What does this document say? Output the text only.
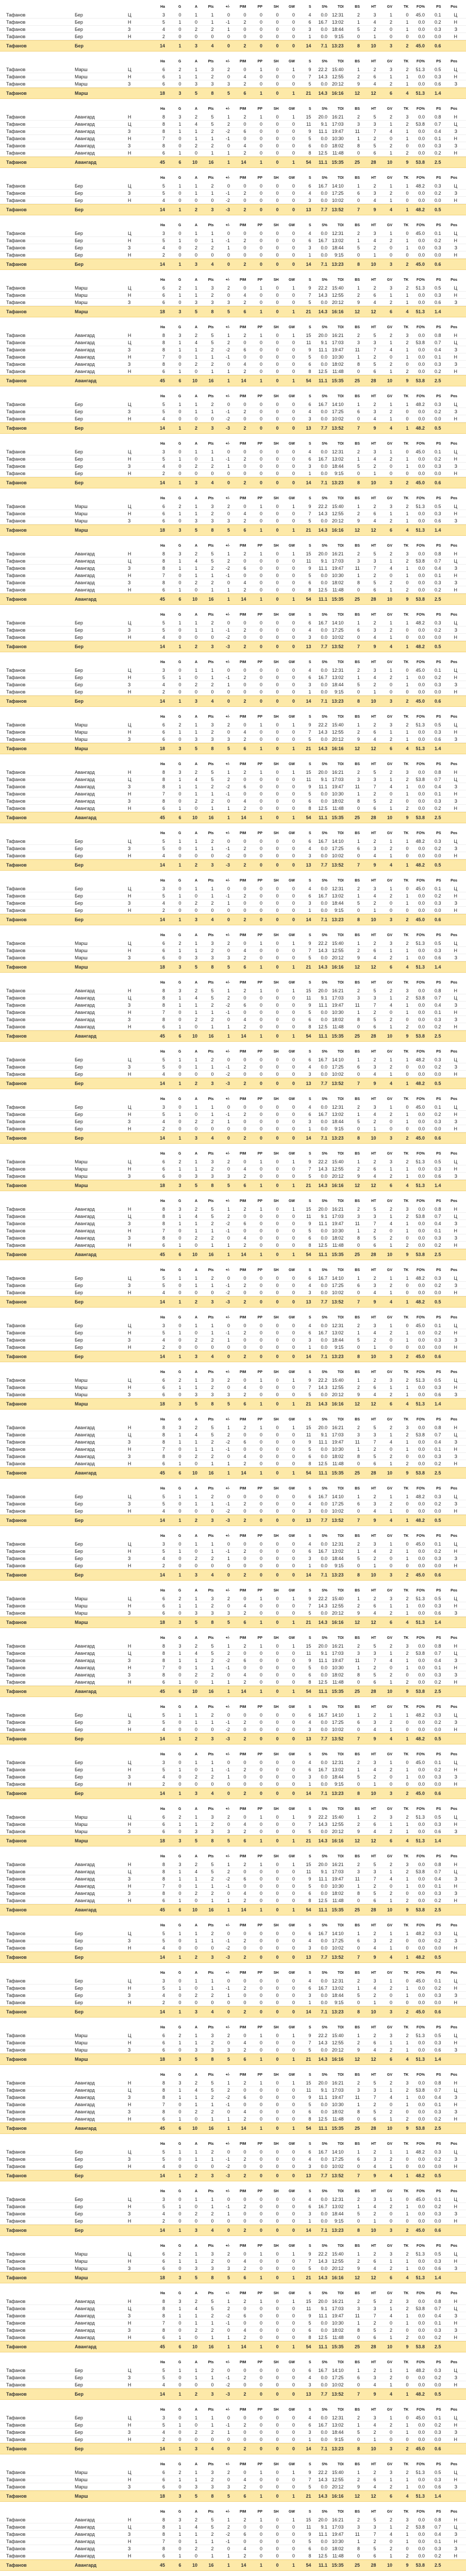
Ha	G	A	Pts	+/-	PIM	PP	SH	GW	S	S%	TOI	BS	HT	GV	TK	FO%	PS	Pos
Тафанов	Бер	Ц	3	0	1	1	0	0	0	0	0	4	0.0 12:31	2	3	1	0	45.0	0.1	Ц
Тафанов	Бер	Н	5	1	0	1	-1	2	0	0	0	6	16.7 13:02	1	4	2	1	0.0	0.2	Н
Тафанов	Бер	З	4	0	2	2	1	0	0	0	0	3	0.0 18:44	5	2	0	1	0.0	0.3	З
Тафанов	Бер	Н	2	0	0	0	0	0	0	0	0	1	0.0	9:15	0	1	0	0	0.0	0.0	Н
Тафанов	Бер	14	1	3	4	0	2	0	0	0	14	7.1 13:23	8	10	3	2	45.0	0.6
Ha	G	A	Pts	+/-	PIM	PP	SH	GW	S	S%	TOI	BS	HT	GV	TK	FO%	PS	Pos
Тафанов	Марш	Ц	6	2	1	3	2	0	1	0	1	9	22.2 15:40	1	2	3	2	51.3	0.5	Ц
Тафанов	Марш	Н	6	1	1	2	0	4	0	0	0	7	14.3 12:55	2	6	1	1	0.0	0.3	Н
Тафанов	Марш	З	6	0	3	3	3	2	0	0	0	5	0.0 20:12	9	4	2	1	0.0	0.6	З
Тафанов	Марш	18	3	5	8	5	6	1	0	1	21	14.3 16:16	12	12	6	4	51.3	1.4
Ha	G	A	Pts	+/-	PIM	PP	SH	GW	S	S%	TOI	BS	HT	GV	TK	FO%	PS	Pos
Тафанов	Авангард	Н	8	3	2	5	1	2	1	0	1	15	20.0 16:21	2	5	2	3	0.0	0.8	Н
Тафанов	Авангард	Ц	8	1	4	5	2	0	0	0	0	11	9.1 17:03	3	3	1	2	53.8	0.7	Ц
Тафанов	Авангард	З	8	1	1	2	-2	6	0	0	0	9	11.1 19:47	11	7	4	1	0.0	0.4	З
Тафанов	Авангард	Н	7	0	1	1	-1	0	0	0	0	5	0.0 10:30	1	2	0	1	0.0	0.1	Н
Тафанов	Авангард	З	8	0	2	2	0	4	0	0	0	6	0.0 18:02	8	5	2	0	0.0	0.3	З
Тафанов	Авангард	Н	6	1	0	1	1	2	0	0	0	8	12.5	11:48	0	6	1	2	0.0	0.2	Н
Тафанов	Авангард	45	6	10	16	1	14	1	0	1	54	11.1 15:35	25	28	10	9	53.8	2.5
Ha	G	A	Pts	+/-	PIM	PP	SH	GW	S	S%	TOI	BS	HT	GV	TK	FO%	PS	Pos
Тафанов	Бер	Ц	5	1	1	2	0	0	0	0	0	6	16.7 14:10	1	2	1	1	48.2	0.3	Ц
Тафанов	Бер	З	5	0	1	1	-1	2	0	0	0	4	0.0 17:25	6	3	2	0	0.0	0.2	З
Тафанов	Бер	Н	4	0	0	0	-2	0	0	0	0	3	0.0 10:02	0	4	1	0	0.0	0.0	Н
Тафанов	Бер	14	1	2	3	-3	2	0	0	0	13	7.7 13:52	7	9	4	1	48.2	0.5
Ha	G	A	Pts	+/-	PIM	PP	SH	GW	S	S%	TOI	BS	HT	GV	TK	FO%	PS	Pos
Тафанов	Бер	Ц	3	0	1	1	0	0	0	0	0	4	0.0 12:31	2	3	1	0	45.0	0.1	Ц
Тафанов	Бер	Н	5	1	0	1	-1	2	0	0	0	6	16.7 13:02	1	4	2	1	0.0	0.2	Н
Тафанов	Бер	З	4	0	2	2	1	0	0	0	0	3	0.0 18:44	5	2	0	1	0.0	0.3	З
Тафанов	Бер	Н	2	0	0	0	0	0	0	0	0	1	0.0	9:15	0	1	0	0	0.0	0.0	Н
Тафанов	Бер	14	1	3	4	0	2	0	0	0	14	7.1 13:23	8	10	3	2	45.0	0.6
Ha	G	A	Pts	+/-	PIM	PP	SH	GW	S	S%	TOI	BS	HT	GV	TK	FO%	PS	Pos
Тафанов	Марш	Ц	6	2	1	3	2	0	1	0	1	9	22.2 15:40	1	2	3	2	51.3	0.5	Ц
Тафанов	Марш	Н	6	1	1	2	0	4	0	0	0	7	14.3 12:55	2	6	1	1	0.0	0.3	Н
Тафанов	Марш	З	6	0	3	3	3	2	0	0	0	5	0.0 20:12	9	4	2	1	0.0	0.6	З
Тафанов	Марш	18	3	5	8	5	6	1	0	1	21	14.3 16:16	12	12	6	4	51.3	1.4
Ha	G	A	Pts	+/-	PIM	PP	SH	GW	S	S%	TOI	BS	HT	GV	TK	FO%	PS	Pos
Тафанов	Авангард	Н	8	3	2	5	1	2	1	0	1	15	20.0 16:21	2	5	2	3	0.0	0.8	Н
Тафанов	Авангард	Ц	8	1	4	5	2	0	0	0	0	11	9.1 17:03	3	3	1	2	53.8	0.7	Ц
Тафанов	Авангард	З	8	1	1	2	-2	6	0	0	0	9	11.1 19:47	11	7	4	1	0.0	0.4	З
Тафанов	Авангард	Н	7	0	1	1	-1	0	0	0	0	5	0.0 10:30	1	2	0	1	0.0	0.1	Н
Тафанов	Авангард	З	8	0	2	2	0	4	0	0	0	6	0.0 18:02	8	5	2	0	0.0	0.3	З
Тафанов	Авангард	Н	6	1	0	1	1	2	0	0	0	8	12.5	11:48	0	6	1	2	0.0	0.2	Н
Тафанов	Авангард	45	6	10	16	1	14	1	0	1	54	11.1 15:35	25	28	10	9	53.8	2.5
Ha	G	A	Pts	+/-	PIM	PP	SH	GW	S	S%	TOI	BS	HT	GV	TK	FO%	PS	Pos
Тафанов	Бер	Ц	5	1	1	2	0	0	0	0	0	6	16.7 14:10	1	2	1	1	48.2	0.3	Ц
Тафанов	Бер	З	5	0	1	1	-1	2	0	0	0	4	0.0 17:25	6	3	2	0	0.0	0.2	З
Тафанов	Бер	Н	4	0	0	0	-2	0	0	0	0	3	0.0 10:02	0	4	1	0	0.0	0.0	Н
Тафанов	Бер	14	1	2	3	-3	2	0	0	0	13	7.7 13:52	7	9	4	1	48.2	0.5
Ha	G	A	Pts	+/-	PIM	PP	SH	GW	S	S%	TOI	BS	HT	GV	TK	FO%	PS	Pos
Тафанов	Бер	Ц	3	0	1	1	0	0	0	0	0	4	0.0 12:31	2	3	1	0	45.0	0.1	Ц
Тафанов	Бер	Н	5	1	0	1	-1	2	0	0	0	6	16.7 13:02	1	4	2	1	0.0	0.2	Н
Тафанов	Бер	З	4	0	2	2	1	0	0	0	0	3	0.0 18:44	5	2	0	1	0.0	0.3	З
Тафанов	Бер	Н	2	0	0	0	0	0	0	0	0	1	0.0	9:15	0	1	0	0	0.0	0.0	Н
Тафанов	Бер	14	1	3	4	0	2	0	0	0	14	7.1 13:23	8	10	3	2	45.0	0.6
Ha	G	A	Pts	+/-	PIM	PP	SH	GW	S	S%	TOI	BS	HT	GV	TK	FO%	PS	Pos
Тафанов	Марш	Ц	6	2	1	3	2	0	1	0	1	9	22.2 15:40	1	2	3	2	51.3	0.5	Ц
Тафанов	Марш	Н	6	1	1	2	0	4	0	0	0	7	14.3 12:55	2	6	1	1	0.0	0.3	Н
Тафанов	Марш	З	6	0	3	3	3	2	0	0	0	5	0.0 20:12	9	4	2	1	0.0	0.6	З
Тафанов	Марш	18	3	5	8	5	6	1	0	1	21	14.3 16:16	12	12	6	4	51.3	1.4
Ha	G	A	Pts	+/-	PIM	PP	SH	GW	S	S%	TOI	BS	HT	GV	TK	FO%	PS	Pos
Тафанов	Авангард	Н	8	3	2	5	1	2	1	0	1	15	20.0 16:21	2	5	2	3	0.0	0.8	Н
Тафанов	Авангард	Ц	8	1	4	5	2	0	0	0	0	11	9.1 17:03	3	3	1	2	53.8	0.7	Ц
Тафанов	Авангард	З	8	1	1	2	-2	6	0	0	0	9	11.1 19:47	11	7	4	1	0.0	0.4	З
Тафанов	Авангард	Н	7	0	1	1	-1	0	0	0	0	5	0.0 10:30	1	2	0	1	0.0	0.1	Н
Тафанов	Авангард	З	8	0	2	2	0	4	0	0	0	6	0.0 18:02	8	5	2	0	0.0	0.3	З
Тафанов	Авангард	Н	6	1	0	1	1	2	0	0	0	8	12.5	11:48	0	6	1	2	0.0	0.2	Н
Тафанов	Авангард	45	6	10	16	1	14	1	0	1	54	11.1 15:35	25	28	10	9	53.8	2.5
Ha	G	A	Pts	+/-	PIM	PP	SH	GW	S	S%	TOI	BS	HT	GV	TK	FO%	PS	Pos
Тафанов	Бер	Ц	5	1	1	2	0	0	0	0	0	6	16.7 14:10	1	2	1	1	48.2	0.3	Ц
Тафанов	Бер	З	5	0	1	1	-1	2	0	0	0	4	0.0 17:25	6	3	2	0	0.0	0.2	З
Тафанов	Бер	Н	4	0	0	0	-2	0	0	0	0	3	0.0 10:02	0	4	1	0	0.0	0.0	Н
Тафанов	Бер	14	1	2	3	-3	2	0	0	0	13	7.7 13:52	7	9	4	1	48.2	0.5
Ha	G	A	Pts	+/-	PIM	PP	SH	GW	S	S%	TOI	BS	HT	GV	TK	FO%	PS	Pos
Тафанов	Бер	Ц	3	0	1	1	0	0	0	0	0	4	0.0 12:31	2	3	1	0	45.0	0.1	Ц
Тафанов	Бер	Н	5	1	0	1	-1	2	0	0	0	6	16.7 13:02	1	4	2	1	0.0	0.2	Н
Тафанов	Бер	З	4	0	2	2	1	0	0	0	0	3	0.0 18:44	5	2	0	1	0.0	0.3	З
Тафанов	Бер	Н	2	0	0	0	0	0	0	0	0	1	0.0	9:15	0	1	0	0	0.0	0.0	Н
Тафанов	Бер	14	1	3	4	0	2	0	0	0	14	7.1 13:23	8	10	3	2	45.0	0.6
Ha	G	A	Pts	+/-	PIM	PP	SH	GW	S	S%	TOI	BS	HT	GV	TK	FO%	PS	Pos
Тафанов	Марш	Ц	6	2	1	3	2	0	1	0	1	9	22.2 15:40	1	2	3	2	51.3	0.5	Ц
Тафанов	Марш	Н	6	1	1	2	0	4	0	0	0	7	14.3 12:55	2	6	1	1	0.0	0.3	Н
Тафанов	Марш	З	6	0	3	3	3	2	0	0	0	5	0.0 20:12	9	4	2	1	0.0	0.6	З
Тафанов	Марш	18	3	5	8	5	6	1	0	1	21	14.3 16:16	12	12	6	4	51.3	1.4
Ha	G	A	Pts	+/-	PIM	PP	SH	GW	S	S%	TOI	BS	HT	GV	TK	FO%	PS	Pos
Тафанов	Авангард	Н	8	3	2	5	1	2	1	0	1	15	20.0 16:21	2	5	2	3	0.0	0.8	Н
Тафанов	Авангард	Ц	8	1	4	5	2	0	0	0	0	11	9.1 17:03	3	3	1	2	53.8	0.7	Ц
Тафанов	Авангард	З	8	1	1	2	-2	6	0	0	0	9	11.1 19:47	11	7	4	1	0.0	0.4	З
Тафанов	Авангард	Н	7	0	1	1	-1	0	0	0	0	5	0.0 10:30	1	2	0	1	0.0	0.1	Н
Тафанов	Авангард	З	8	0	2	2	0	4	0	0	0	6	0.0 18:02	8	5	2	0	0.0	0.3	З
Тафанов	Авангард	Н	6	1	0	1	1	2	0	0	0	8	12.5	11:48	0	6	1	2	0.0	0.2	Н
Тафанов	Авангард	45	6	10	16	1	14	1	0	1	54	11.1 15:35	25	28	10	9	53.8	2.5
Ha	G	A	Pts	+/-	PIM	PP	SH	GW	S	S%	TOI	BS	HT	GV	TK	FO%	PS	Pos
Тафанов	Бер	Ц	5	1	1	2	0	0	0	0	0	6	16.7 14:10	1	2	1	1	48.2	0.3	Ц
Тафанов	Бер	З	5	0	1	1	-1	2	0	0	0	4	0.0 17:25	6	3	2	0	0.0	0.2	З
Тафанов	Бер	Н	4	0	0	0	-2	0	0	0	0	3	0.0 10:02	0	4	1	0	0.0	0.0	Н
Тафанов	Бер	14	1	2	3	-3	2	0	0	0	13	7.7 13:52	7	9	4	1	48.2	0.5
Ha	G	A	Pts	+/-	PIM	PP	SH	GW	S	S%	TOI	BS	HT	GV	TK	FO%	PS	Pos
Тафанов	Бер	Ц	3	0	1	1	0	0	0	0	0	4	0.0 12:31	2	3	1	0	45.0	0.1	Ц
Тафанов	Бер	Н	5	1	0	1	-1	2	0	0	0	6	16.7 13:02	1	4	2	1	0.0	0.2	Н
Тафанов	Бер	З	4	0	2	2	1	0	0	0	0	3	0.0 18:44	5	2	0	1	0.0	0.3	З
Тафанов	Бер	Н	2	0	0	0	0	0	0	0	0	1	0.0	9:15	0	1	0	0	0.0	0.0	Н
Тафанов	Бер	14	1	3	4	0	2	0	0	0	14	7.1 13:23	8	10	3	2	45.0	0.6
Ha	G	A	Pts	+/-	PIM	PP	SH	GW	S	S%	TOI	BS	HT	GV	TK	FO%	PS	Pos
Тафанов	Марш	Ц	6	2	1	3	2	0	1	0	1	9	22.2 15:40	1	2	3	2	51.3	0.5	Ц
Тафанов	Марш	Н	6	1	1	2	0	4	0	0	0	7	14.3 12:55	2	6	1	1	0.0	0.3	Н
Тафанов	Марш	З	6	0	3	3	3	2	0	0	0	5	0.0 20:12	9	4	2	1	0.0	0.6	З
Тафанов	Марш	18	3	5	8	5	6	1	0	1	21	14.3 16:16	12	12	6	4	51.3	1.4
Ha	G	A	Pts	+/-	PIM	PP	SH	GW	S	S%	TOI	BS	HT	GV	TK	FO%	PS	Pos
Тафанов	Авангард	Н	8	3	2	5	1	2	1	0	1	15	20.0 16:21	2	5	2	3	0.0	0.8	Н
Тафанов	Авангард	Ц	8	1	4	5	2	0	0	0	0	11	9.1 17:03	3	3	1	2	53.8	0.7	Ц
Тафанов	Авангард	З	8	1	1	2	-2	6	0	0	0	9	11.1 19:47	11	7	4	1	0.0	0.4	З
Тафанов	Авангард	Н	7	0	1	1	-1	0	0	0	0	5	0.0 10:30	1	2	0	1	0.0	0.1	Н
Тафанов	Авангард	З	8	0	2	2	0	4	0	0	0	6	0.0 18:02	8	5	2	0	0.0	0.3	З
Тафанов	Авангард	Н	6	1	0	1	1	2	0	0	0	8	12.5	11:48	0	6	1	2	0.0	0.2	Н
Тафанов	Авангард	45	6	10	16	1	14	1	0	1	54	11.1 15:35	25	28	10	9	53.8	2.5
Ha	G	A	Pts	+/-	PIM	PP	SH	GW	S	S%	TOI	BS	HT	GV	TK	FO%	PS	Pos
Тафанов	Бер	Ц	5	1	1	2	0	0	0	0	0	6	16.7 14:10	1	2	1	1	48.2	0.3	Ц
Тафанов	Бер	З	5	0	1	1	-1	2	0	0	0	4	0.0 17:25	6	3	2	0	0.0	0.2	З
Тафанов	Бер	Н	4	0	0	0	-2	0	0	0	0	3	0.0 10:02	0	4	1	0	0.0	0.0	Н
Тафанов	Бер	14	1	2	3	-3	2	0	0	0	13	7.7 13:52	7	9	4	1	48.2	0.5
Ha	G	A	Pts	+/-	PIM	PP	SH	GW	S	S%	TOI	BS	HT	GV	TK	FO%	PS	Pos
Тафанов	Бер	Ц	3	0	1	1	0	0	0	0	0	4	0.0 12:31	2	3	1	0	45.0	0.1	Ц
Тафанов	Бер	Н	5	1	0	1	-1	2	0	0	0	6	16.7 13:02	1	4	2	1	0.0	0.2	Н
Тафанов	Бер	З	4	0	2	2	1	0	0	0	0	3	0.0 18:44	5	2	0	1	0.0	0.3	З
Тафанов	Бер	Н	2	0	0	0	0	0	0	0	0	1	0.0	9:15	0	1	0	0	0.0	0.0	Н
Тафанов	Бер	14	1	3	4	0	2	0	0	0	14	7.1 13:23	8	10	3	2	45.0	0.6
Ha	G	A	Pts	+/-	PIM	PP	SH	GW	S	S%	TOI	BS	HT	GV	TK	FO%	PS	Pos
Тафанов	Марш	Ц	6	2	1	3	2	0	1	0	1	9	22.2 15:40	1	2	3	2	51.3	0.5	Ц
Тафанов	Марш	Н	6	1	1	2	0	4	0	0	0	7	14.3 12:55	2	6	1	1	0.0	0.3	Н
Тафанов	Марш	З	6	0	3	3	3	2	0	0	0	5	0.0 20:12	9	4	2	1	0.0	0.6	З
Тафанов	Марш	18	3	5	8	5	6	1	0	1	21	14.3 16:16	12	12	6	4	51.3	1.4
Ha	G	A	Pts	+/-	PIM	PP	SH	GW	S	S%	TOI	BS	HT	GV	TK	FO%	PS	Pos
Тафанов	Авангард	Н	8	3	2	5	1	2	1	0	1	15	20.0 16:21	2	5	2	3	0.0	0.8	Н
Тафанов	Авангард	Ц	8	1	4	5	2	0	0	0	0	11	9.1 17:03	3	3	1	2	53.8	0.7	Ц
Тафанов	Авангард	З	8	1	1	2	-2	6	0	0	0	9	11.1 19:47	11	7	4	1	0.0	0.4	З
Тафанов	Авангард	Н	7	0	1	1	-1	0	0	0	0	5	0.0 10:30	1	2	0	1	0.0	0.1	Н
Тафанов	Авангард	З	8	0	2	2	0	4	0	0	0	6	0.0 18:02	8	5	2	0	0.0	0.3	З
Тафанов	Авангард	Н	6	1	0	1	1	2	0	0	0	8	12.5	11:48	0	6	1	2	0.0	0.2	Н
Тафанов	Авангард	45	6	10	16	1	14	1	0	1	54	11.1 15:35	25	28	10	9	53.8	2.5
Ha	G	A	Pts	+/-	PIM	PP	SH	GW	S	S%	TOI	BS	HT	GV	TK	FO%	PS	Pos
Тафанов	Бер	Ц	5	1	1	2	0	0	0	0	0	6	16.7 14:10	1	2	1	1	48.2	0.3	Ц
Тафанов	Бер	З	5	0	1	1	-1	2	0	0	0	4	0.0 17:25	6	3	2	0	0.0	0.2	З
Тафанов	Бер	Н	4	0	0	0	-2	0	0	0	0	3	0.0 10:02	0	4	1	0	0.0	0.0	Н
Тафанов	Бер	14	1	2	3	-3	2	0	0	0	13	7.7 13:52	7	9	4	1	48.2	0.5
Ha	G	A	Pts	+/-	PIM	PP	SH	GW	S	S%	TOI	BS	HT	GV	TK	FO%	PS	Pos
Тафанов	Бер	Ц	3	0	1	1	0	0	0	0	0	4	0.0 12:31	2	3	1	0	45.0	0.1	Ц
Тафанов	Бер	Н	5	1	0	1	-1	2	0	0	0	6	16.7 13:02	1	4	2	1	0.0	0.2	Н
Тафанов	Бер	З	4	0	2	2	1	0	0	0	0	3	0.0 18:44	5	2	0	1	0.0	0.3	З
Тафанов	Бер	Н	2	0	0	0	0	0	0	0	0	1	0.0	9:15	0	1	0	0	0.0	0.0	Н
Тафанов	Бер	14	1	3	4	0	2	0	0	0	14	7.1 13:23	8	10	3	2	45.0	0.6
Ha	G	A	Pts	+/-	PIM	PP	SH	GW	S	S%	TOI	BS	HT	GV	TK	FO%	PS	Pos
Тафанов	Марш	Ц	6	2	1	3	2	0	1	0	1	9	22.2 15:40	1	2	3	2	51.3	0.5	Ц
Тафанов	Марш	Н	6	1	1	2	0	4	0	0	0	7	14.3 12:55	2	6	1	1	0.0	0.3	Н
Тафанов	Марш	З	6	0	3	3	3	2	0	0	0	5	0.0 20:12	9	4	2	1	0.0	0.6	З
Тафанов	Марш	18	3	5	8	5	6	1	0	1	21	14.3 16:16	12	12	6	4	51.3	1.4
Ha	G	A	Pts	+/-	PIM	PP	SH	GW	S	S%	TOI	BS	HT	GV	TK	FO%	PS	Pos
Тафанов	Авангард	Н	8	3	2	5	1	2	1	0	1	15	20.0 16:21	2	5	2	3	0.0	0.8	Н
Тафанов	Авангард	Ц	8	1	4	5	2	0	0	0	0	11	9.1 17:03	3	3	1	2	53.8	0.7	Ц
Тафанов	Авангард	З	8	1	1	2	-2	6	0	0	0	9	11.1 19:47	11	7	4	1	0.0	0.4	З
Тафанов	Авангард	Н	7	0	1	1	-1	0	0	0	0	5	0.0 10:30	1	2	0	1	0.0	0.1	Н
Тафанов	Авангард	З	8	0	2	2	0	4	0	0	0	6	0.0 18:02	8	5	2	0	0.0	0.3	З
Тафанов	Авангард	Н	6	1	0	1	1	2	0	0	0	8	12.5	11:48	0	6	1	2	0.0	0.2	Н
Тафанов	Авангард	45	6	10	16	1	14	1	0	1	54	11.1 15:35	25	28	10	9	53.8	2.5
Ha	G	A	Pts	+/-	PIM	PP	SH	GW	S	S%	TOI	BS	HT	GV	TK	FO%	PS	Pos
Тафанов	Бер	Ц	5	1	1	2	0	0	0	0	0	6	16.7 14:10	1	2	1	1	48.2	0.3	Ц
Тафанов	Бер	З	5	0	1	1	-1	2	0	0	0	4	0.0 17:25	6	3	2	0	0.0	0.2	З
Тафанов	Бер	Н	4	0	0	0	-2	0	0	0	0	3	0.0 10:02	0	4	1	0	0.0	0.0	Н
Тафанов	Бер	14	1	2	3	-3	2	0	0	0	13	7.7 13:52	7	9	4	1	48.2	0.5
Ha	G	A	Pts	+/-	PIM	PP	SH	GW	S	S%	TOI	BS	HT	GV	TK	FO%	PS	Pos
Тафанов	Бер	Ц	3	0	1	1	0	0	0	0	0	4	0.0 12:31	2	3	1	0	45.0	0.1	Ц
Тафанов	Бер	Н	5	1	0	1	-1	2	0	0	0	6	16.7 13:02	1	4	2	1	0.0	0.2	Н
Тафанов	Бер	З	4	0	2	2	1	0	0	0	0	3	0.0 18:44	5	2	0	1	0.0	0.3	З
Тафанов	Бер	Н	2	0	0	0	0	0	0	0	0	1	0.0	9:15	0	1	0	0	0.0	0.0	Н
Тафанов	Бер	14	1	3	4	0	2	0	0	0	14	7.1 13:23	8	10	3	2	45.0	0.6
Ha	G	A	Pts	+/-	PIM	PP	SH	GW	S	S%	TOI	BS	HT	GV	TK	FO%	PS	Pos
Тафанов	Марш	Ц	6	2	1	3	2	0	1	0	1	9	22.2 15:40	1	2	3	2	51.3	0.5	Ц
Тафанов	Марш	Н	6	1	1	2	0	4	0	0	0	7	14.3 12:55	2	6	1	1	0.0	0.3	Н
Тафанов	Марш	З	6	0	3	3	3	2	0	0	0	5	0.0 20:12	9	4	2	1	0.0	0.6	З
Тафанов	Марш	18	3	5	8	5	6	1	0	1	21	14.3 16:16	12	12	6	4	51.3	1.4
Ha	G	A	Pts	+/-	PIM	PP	SH	GW	S	S%	TOI	BS	HT	GV	TK	FO%	PS	Pos
Тафанов	Авангард	Н	8	3	2	5	1	2	1	0	1	15	20.0 16:21	2	5	2	3	0.0	0.8	Н
Тафанов	Авангард	Ц	8	1	4	5	2	0	0	0	0	11	9.1 17:03	3	3	1	2	53.8	0.7	Ц
Тафанов	Авангард	З	8	1	1	2	-2	6	0	0	0	9	11.1 19:47	11	7	4	1	0.0	0.4	З
Тафанов	Авангард	Н	7	0	1	1	-1	0	0	0	0	5	0.0 10:30	1	2	0	1	0.0	0.1	Н
Тафанов	Авангард	З	8	0	2	2	0	4	0	0	0	6	0.0 18:02	8	5	2	0	0.0	0.3	З
Тафанов	Авангард	Н	6	1	0	1	1	2	0	0	0	8	12.5	11:48	0	6	1	2	0.0	0.2	Н
Тафанов	Авангард	45	6	10	16	1	14	1	0	1	54	11.1 15:35	25	28	10	9	53.8	2.5
Ha	G	A	Pts	+/-	PIM	PP	SH	GW	S	S%	TOI	BS	HT	GV	TK	FO%	PS	Pos
Тафанов	Бер	Ц	5	1	1	2	0	0	0	0	0	6	16.7 14:10	1	2	1	1	48.2	0.3	Ц
Тафанов	Бер	З	5	0	1	1	-1	2	0	0	0	4	0.0 17:25	6	3	2	0	0.0	0.2	З
Тафанов	Бер	Н	4	0	0	0	-2	0	0	0	0	3	0.0 10:02	0	4	1	0	0.0	0.0	Н
Тафанов	Бер	14	1	2	3	-3	2	0	0	0	13	7.7 13:52	7	9	4	1	48.2	0.5
Ha	G	A	Pts	+/-	PIM	PP	SH	GW	S	S%	TOI	BS	HT	GV	TK	FO%	PS	Pos
Тафанов	Бер	Ц	3	0	1	1	0	0	0	0	0	4	0.0 12:31	2	3	1	0	45.0	0.1	Ц
Тафанов	Бер	Н	5	1	0	1	-1	2	0	0	0	6	16.7 13:02	1	4	2	1	0.0	0.2	Н
Тафанов	Бер	З	4	0	2	2	1	0	0	0	0	3	0.0 18:44	5	2	0	1	0.0	0.3	З
Тафанов	Бер	Н	2	0	0	0	0	0	0	0	0	1	0.0	9:15	0	1	0	0	0.0	0.0	Н
Тафанов	Бер	14	1	3	4	0	2	0	0	0	14	7.1 13:23	8	10	3	2	45.0	0.6
Ha	G	A	Pts	+/-	PIM	PP	SH	GW	S	S%	TOI	BS	HT	GV	TK	FO%	PS	Pos
Тафанов	Марш	Ц	6	2	1	3	2	0	1	0	1	9	22.2 15:40	1	2	3	2	51.3	0.5	Ц
Тафанов	Марш	Н	6	1	1	2	0	4	0	0	0	7	14.3 12:55	2	6	1	1	0.0	0.3	Н
Тафанов	Марш	З	6	0	3	3	3	2	0	0	0	5	0.0 20:12	9	4	2	1	0.0	0.6	З
Тафанов	Марш	18	3	5	8	5	6	1	0	1	21	14.3 16:16	12	12	6	4	51.3	1.4
Ha	G	A	Pts	+/-	PIM	PP	SH	GW	S	S%	TOI	BS	HT	GV	TK	FO%	PS	Pos
Тафанов	Авангард	Н	8	3	2	5	1	2	1	0	1	15	20.0 16:21	2	5	2	3	0.0	0.8	Н
Тафанов	Авангард	Ц	8	1	4	5	2	0	0	0	0	11	9.1 17:03	3	3	1	2	53.8	0.7	Ц
Тафанов	Авангард	З	8	1	1	2	-2	6	0	0	0	9	11.1 19:47	11	7	4	1	0.0	0.4	З
Тафанов	Авангард	Н	7	0	1	1	-1	0	0	0	0	5	0.0 10:30	1	2	0	1	0.0	0.1	Н
Тафанов	Авангард	З	8	0	2	2	0	4	0	0	0	6	0.0 18:02	8	5	2	0	0.0	0.3	З
Тафанов	Авангард	Н	6	1	0	1	1	2	0	0	0	8	12.5	11:48	0	6	1	2	0.0	0.2	Н
Тафанов	Авангард	45	6	10	16	1	14	1	0	1	54	11.1 15:35	25	28	10	9	53.8	2.5
Ha	G	A	Pts	+/-	PIM	PP	SH	GW	S	S%	TOI	BS	HT	GV	TK	FO%	PS	Pos
Тафанов	Бер	Ц	5	1	1	2	0	0	0	0	0	6	16.7 14:10	1	2	1	1	48.2	0.3	Ц
Тафанов	Бер	З	5	0	1	1	-1	2	0	0	0	4	0.0 17:25	6	3	2	0	0.0	0.2	З
Тафанов	Бер	Н	4	0	0	0	-2	0	0	0	0	3	0.0 10:02	0	4	1	0	0.0	0.0	Н
Тафанов	Бер	14	1	2	3	-3	2	0	0	0	13	7.7 13:52	7	9	4	1	48.2	0.5
Ha	G	A	Pts	+/-	PIM	PP	SH	GW	S	S%	TOI	BS	HT	GV	TK	FO%	PS	Pos
Тафанов	Бер	Ц	3	0	1	1	0	0	0	0	0	4	0.0 12:31	2	3	1	0	45.0	0.1	Ц
Тафанов	Бер	Н	5	1	0	1	-1	2	0	0	0	6	16.7 13:02	1	4	2	1	0.0	0.2	Н
Тафанов	Бер	З	4	0	2	2	1	0	0	0	0	3	0.0 18:44	5	2	0	1	0.0	0.3	З
Тафанов	Бер	Н	2	0	0	0	0	0	0	0	0	1	0.0	9:15	0	1	0	0	0.0	0.0	Н
Тафанов	Бер	14	1	3	4	0	2	0	0	0	14	7.1 13:23	8	10	3	2	45.0	0.6
Ha	G	A	Pts	+/-	PIM	PP	SH	GW	S	S%	TOI	BS	HT	GV	TK	FO%	PS	Pos
Тафанов	Марш	Ц	6	2	1	3	2	0	1	0	1	9	22.2 15:40	1	2	3	2	51.3	0.5	Ц
Тафанов	Марш	Н	6	1	1	2	0	4	0	0	0	7	14.3 12:55	2	6	1	1	0.0	0.3	Н
Тафанов	Марш	З	6	0	3	3	3	2	0	0	0	5	0.0 20:12	9	4	2	1	0.0	0.6	З
Тафанов	Марш	18	3	5	8	5	6	1	0	1	21	14.3 16:16	12	12	6	4	51.3	1.4
Ha	G	A	Pts	+/-	PIM	PP	SH	GW	S	S%	TOI	BS	HT	GV	TK	FO%	PS	Pos
Тафанов	Авангард	Н	8	3	2	5	1	2	1	0	1	15	20.0 16:21	2	5	2	3	0.0	0.8	Н
Тафанов	Авангард	Ц	8	1	4	5	2	0	0	0	0	11	9.1 17:03	3	3	1	2	53.8	0.7	Ц
Тафанов	Авангард	З	8	1	1	2	-2	6	0	0	0	9	11.1 19:47	11	7	4	1	0.0	0.4	З
Тафанов	Авангард	Н	7	0	1	1	-1	0	0	0	0	5	0.0 10:30	1	2	0	1	0.0	0.1	Н
Тафанов	Авангард	З	8	0	2	2	0	4	0	0	0	6	0.0 18:02	8	5	2	0	0.0	0.3	З
Тафанов	Авангард	Н	6	1	0	1	1	2	0	0	0	8	12.5	11:48	0	6	1	2	0.0	0.2	Н
Тафанов	Авангард	45	6	10	16	1	14	1	0	1	54	11.1 15:35	25	28	10	9	53.8	2.5
Ha	G	A	Pts	+/-	PIM	PP	SH	GW	S	S%	TOI	BS	HT	GV	TK	FO%	PS	Pos
Тафанов	Бер	Ц	5	1	1	2	0	0	0	0	0	6	16.7 14:10	1	2	1	1	48.2	0.3	Ц
Тафанов	Бер	З	5	0	1	1	-1	2	0	0	0	4	0.0 17:25	6	3	2	0	0.0	0.2	З
Тафанов	Бер	Н	4	0	0	0	-2	0	0	0	0	3	0.0 10:02	0	4	1	0	0.0	0.0	Н
Тафанов	Бер	14	1	2	3	-3	2	0	0	0	13	7.7 13:52	7	9	4	1	48.2	0.5
Ha	G	A	Pts	+/-	PIM	PP	SH	GW	S	S%	TOI	BS	HT	GV	TK	FO%	PS	Pos
Тафанов	Бер	Ц	3	0	1	1	0	0	0	0	0	4	0.0 12:31	2	3	1	0	45.0	0.1	Ц
Тафанов	Бер	Н	5	1	0	1	-1	2	0	0	0	6	16.7 13:02	1	4	2	1	0.0	0.2	Н
Тафанов	Бер	З	4	0	2	2	1	0	0	0	0	3	0.0 18:44	5	2	0	1	0.0	0.3	З
Тафанов	Бер	Н	2	0	0	0	0	0	0	0	0	1	0.0	9:15	0	1	0	0	0.0	0.0	Н
Тафанов	Бер	14	1	3	4	0	2	0	0	0	14	7.1 13:23	8	10	3	2	45.0	0.6
Ha	G	A	Pts	+/-	PIM	PP	SH	GW	S	S%	TOI	BS	HT	GV	TK	FO%	PS	Pos
Тафанов	Марш	Ц	6	2	1	3	2	0	1	0	1	9	22.2 15:40	1	2	3	2	51.3	0.5	Ц
Тафанов	Марш	Н	6	1	1	2	0	4	0	0	0	7	14.3 12:55	2	6	1	1	0.0	0.3	Н
Тафанов	Марш	З	6	0	3	3	3	2	0	0	0	5	0.0 20:12	9	4	2	1	0.0	0.6	З
Тафанов	Марш	18	3	5	8	5	6	1	0	1	21	14.3 16:16	12	12	6	4	51.3	1.4
Ha	G	A	Pts	+/-	PIM	PP	SH	GW	S	S%	TOI	BS	HT	GV	TK	FO%	PS	Pos
Тафанов	Авангард	Н	8	3	2	5	1	2	1	0	1	15	20.0 16:21	2	5	2	3	0.0	0.8	Н
Тафанов	Авангард	Ц	8	1	4	5	2	0	0	0	0	11	9.1 17:03	3	3	1	2	53.8	0.7	Ц
Тафанов	Авангард	З	8	1	1	2	-2	6	0	0	0	9	11.1 19:47	11	7	4	1	0.0	0.4	З
Тафанов	Авангард	Н	7	0	1	1	-1	0	0	0	0	5	0.0 10:30	1	2	0	1	0.0	0.1	Н
Тафанов	Авангард	З	8	0	2	2	0	4	0	0	0	6	0.0 18:02	8	5	2	0	0.0	0.3	З
Тафанов	Авангард	Н	6	1	0	1	1	2	0	0	0	8	12.5	11:48	0	6	1	2	0.0	0.2	Н
Тафанов	Авангард	45	6	10	16	1	14	1	0	1	54	11.1 15:35	25	28	10	9	53.8	2.5
Ha	G	A	Pts	+/-	PIM	PP	SH	GW	S	S%	TOI	BS	HT	GV	TK	FO%	PS	Pos
Тафанов	Бер	Ц	5	1	1	2	0	0	0	0	0	6	16.7 14:10	1	2	1	1	48.2	0.3	Ц
Тафанов	Бер	З	5	0	1	1	-1	2	0	0	0	4	0.0 17:25	6	3	2	0	0.0	0.2	З
Тафанов	Бер	Н	4	0	0	0	-2	0	0	0	0	3	0.0 10:02	0	4	1	0	0.0	0.0	Н
Тафанов	Бер	14	1	2	3	-3	2	0	0	0	13	7.7 13:52	7	9	4	1	48.2	0.5
Ha	G	A	Pts	+/-	PIM	PP	SH	GW	S	S%	TOI	BS	HT	GV	TK	FO%	PS	Pos
Тафанов	Бер	Ц	3	0	1	1	0	0	0	0	0	4	0.0 12:31	2	3	1	0	45.0	0.1	Ц
Тафанов	Бер	Н	5	1	0	1	-1	2	0	0	0	6	16.7 13:02	1	4	2	1	0.0	0.2	Н
Тафанов	Бер	З	4	0	2	2	1	0	0	0	0	3	0.0 18:44	5	2	0	1	0.0	0.3	З
Тафанов	Бер	Н	2	0	0	0	0	0	0	0	0	1	0.0	9:15	0	1	0	0	0.0	0.0	Н
Тафанов	Бер	14	1	3	4	0	2	0	0	0	14	7.1 13:23	8	10	3	2	45.0	0.6
Ha	G	A	Pts	+/-	PIM	PP	SH	GW	S	S%	TOI	BS	HT	GV	TK	FO%	PS	Pos
Тафанов	Марш	Ц	6	2	1	3	2	0	1	0	1	9	22.2 15:40	1	2	3	2	51.3	0.5	Ц
Тафанов	Марш	Н	6	1	1	2	0	4	0	0	0	7	14.3 12:55	2	6	1	1	0.0	0.3	Н
Тафанов	Марш	З	6	0	3	3	3	2	0	0	0	5	0.0 20:12	9	4	2	1	0.0	0.6	З
Тафанов	Марш	18	3	5	8	5	6	1	0	1	21	14.3 16:16	12	12	6	4	51.3	1.4
Ha	G	A	Pts	+/-	PIM	PP	SH	GW	S	S%	TOI	BS	HT	GV	TK	FO%	PS	Pos
Тафанов	Авангард	Н	8	3	2	5	1	2	1	0	1	15	20.0 16:21	2	5	2	3	0.0	0.8	Н
Тафанов	Авангард	Ц	8	1	4	5	2	0	0	0	0	11	9.1 17:03	3	3	1	2	53.8	0.7	Ц
Тафанов	Авангард	З	8	1	1	2	-2	6	0	0	0	9	11.1 19:47	11	7	4	1	0.0	0.4	З
Тафанов	Авангард	Н	7	0	1	1	-1	0	0	0	0	5	0.0 10:30	1	2	0	1	0.0	0.1	Н
Тафанов	Авангард	З	8	0	2	2	0	4	0	0	0	6	0.0 18:02	8	5	2	0	0.0	0.3	З
Тафанов	Авангард	Н	6	1	0	1	1	2	0	0	0	8	12.5	11:48	0	6	1	2	0.0	0.2	Н
Тафанов	Авангард	45	6	10	16	1	14	1	0	1	54	11.1 15:35	25	28	10	9	53.8	2.5
